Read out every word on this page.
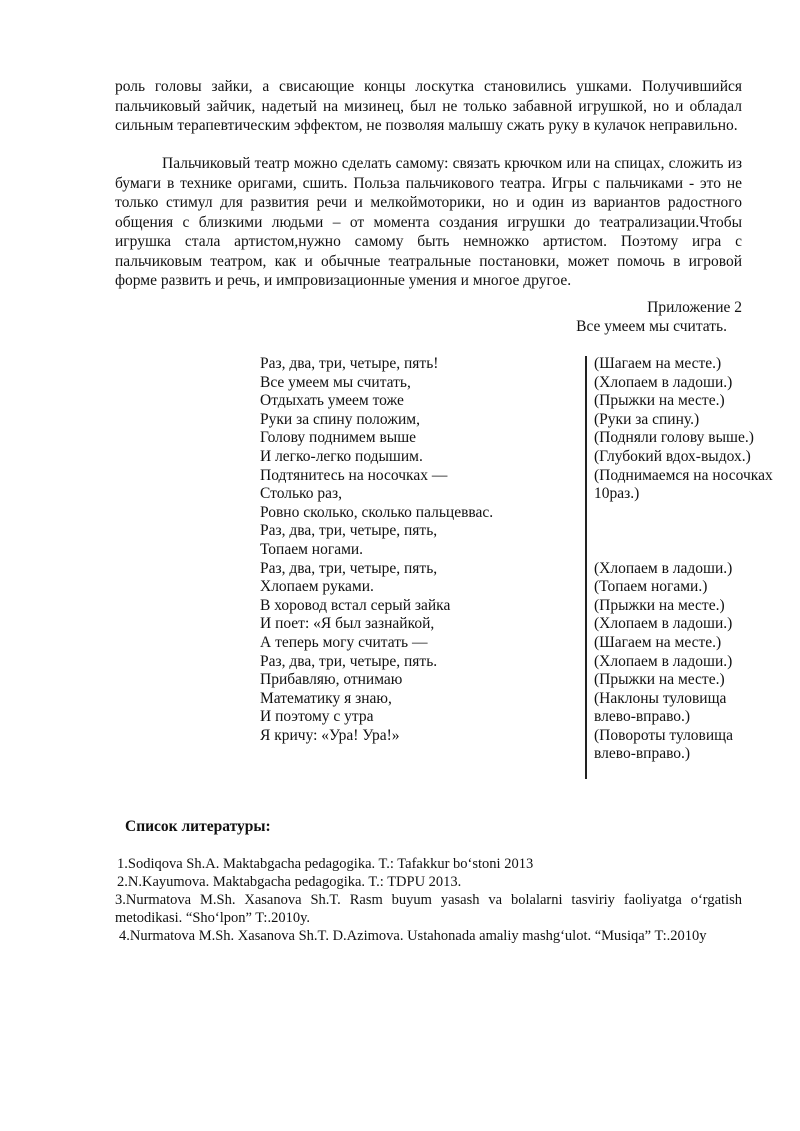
роль головы зайки, а свисающие концы лоскутка становились ушками. Получившийся пальчиковый зайчик, надетый на мизинец, был не только забавной игрушкой, но и обладал сильным терапевтическим эффектом, не позволяя малышу сжать руку в кулачок неправильно.

Пальчиковый театр можно сделать самому: связать крючком или на спицах, сложить из бумаги в технике оригами, сшить. Польза пальчикового театра. Игры с пальчиками - это не только стимул для развития речи и мелкоймоторики, но и один из вариантов радостного общения с близкими людьми – от момента создания игрушки до театрализации.Чтобы игрушка стала артистом,нужно самому быть немножко артистом. Поэтому игра с пальчиковым театром, как и обычные театральные постановки, может помочь в игровой форме развить и речь, и импровизационные умения и многое другое.

Приложение 2
Все умеем мы считать.
Раз, два, три, четыре, пять!
Все умеем мы считать,
Отдыхать умеем тоже
Руки за спину положим,
Голову поднимем выше
И легко-легко подышим.
Подтянитесь на носочках —
Столько раз,
Ровно сколько, сколько пальцеввас.
Раз, два, три, четыре, пять,
Топаем ногами.
Раз, два, три, четыре, пять,
Хлопаем руками.
В хоровод встал серый зайка
И поет: «Я был зазнайкой,
А теперь могу считать —
Раз, два, три, четыре, пять.
Прибавляю, отнимаю
Математику я знаю,
И поэтому с утра
Я кричу: «Ура! Ура!»
(Шагаем на месте.)
(Хлопаем в ладоши.)
(Прыжки на месте.)
(Руки за спину.)
(Подняли голову выше.)
(Глубокий вдох-выдох.)
(Поднимаемся на носочках
10раз.)

(Хлопаем в ладоши.)
(Топаем ногами.)
(Прыжки на месте.)
(Хлопаем в ладоши.)
(Шагаем на месте.)
(Хлопаем в ладоши.)
(Прыжки на месте.)
(Наклоны туловища
влево-вправо.)
(Повороты туловища
влево-вправо.)
Список литературы:
1.Sodiqova Sh.A. Maktabgacha pedagogika. T.: Tafakkur bo‘stoni 2013
2.N.Kayumova. Maktabgacha pedagogika. T.: TDPU 2013.
3.Nurmatova M.Sh. Xasanova Sh.T. Rasm buyum yasash va bolalarni tasviriy faoliyatga o‘rgatish metodikasi. “Sho‘lpon” T:.2010y.
4.Nurmatova M.Sh. Xasanova Sh.T. D.Azimova. Ustahonada amaliy mashg‘ulot. “Musiqa” T:.2010y
